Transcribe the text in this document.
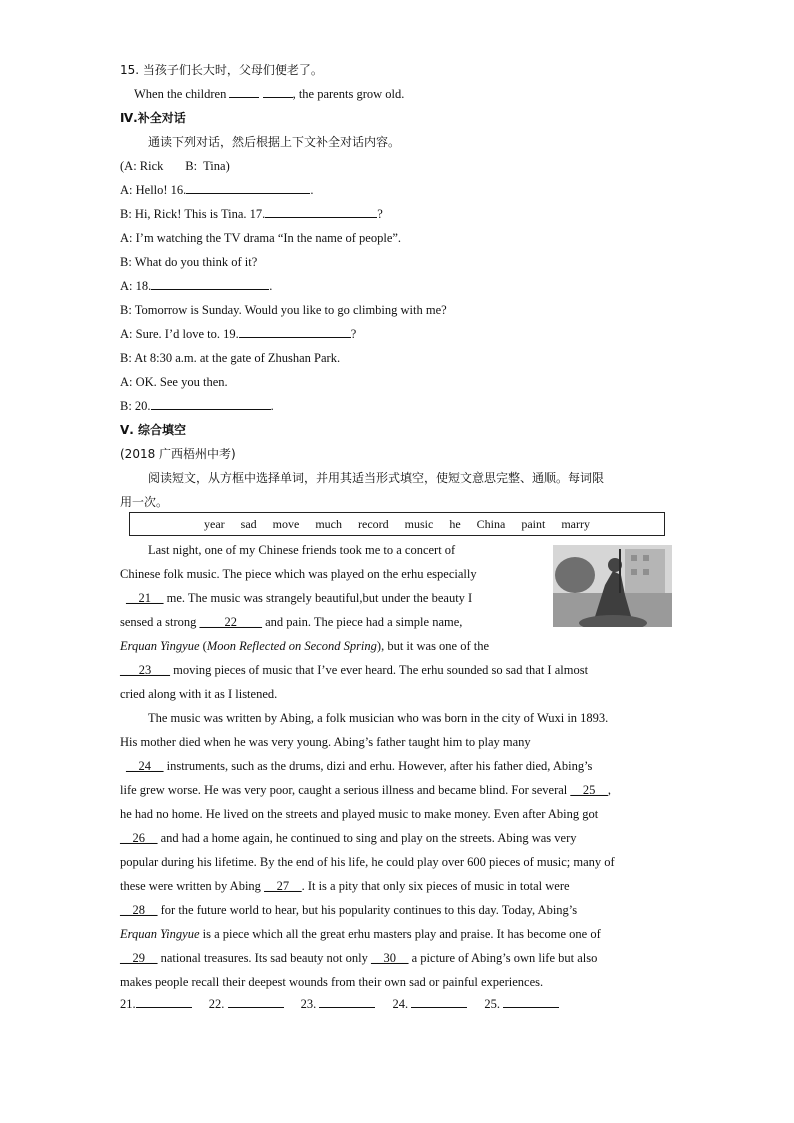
15. 当孩子们长大时，父母们便老了。
When the children	, the parents grow old.
Ⅳ.补全对话
通读下列对话，然后根据上下文补全对话内容。
(A: Rick       B:  Tina)
A: Hello! 16.	.
B: Hi, Rick! This is Tina. 17.	?
A: I’m watching the TV drama “In the name of people”.
B: What do you think of it?
A: 18.	.
B: Tomorrow is Sunday. Would you like to go climbing with me?
A: Sure. I’d love to. 19.	?
B: At 8:30 a.m. at the gate of Zhushan Park.
A: OK. See you then.
B: 20.	.
Ⅴ. 综合填空
(2018 广西梧州中考)
阅读短文，从方框中选择单词，并用其适当形式填空，使短文意思完整、通顺。每词限
用一次。
year sad move much record music he China paint marry
Last night, one of my Chinese friends took me to a concert of
Chinese folk music. The piece which was played on the erhu especially
__21__ me. The music was strangely beautiful,but under the beauty I
sensed a strong ____22____ and pain. The piece had a simple name,
Erquan Yingyue (Moon Reflected on Second Spring), but it was one of the
___23___ moving pieces of music that I’ve ever heard. The erhu sounded so sad that I almost
cried along with it as I listened.
The music was written by Abing, a folk musician who was born in the city of Wuxi in 1893.
His mother died when he was very young. Abing’s father taught him to play many
__24__ instruments, such as the drums, dizi and erhu. However, after his father died, Abing’s
life grew worse. He was very poor, caught a serious illness and became blind. For several __25__,
he had no home. He lived on the streets and played music to make money. Even after Abing got
__26__ and had a home again, he continued to sing and play on the streets. Abing was very
popular during his lifetime. By the end of his life, he could play over 600 pieces of music; many of
these were written by Abing __27__. It is a pity that only six pieces of music in total were
__28__ for the future world to hear, but his popularity continues to this day. Today, Abing’s
Erquan Yingyue is a piece which all the great erhu masters play and praise. It has become one of
__29__ national treasures. Its sad beauty not only __30__ a picture of Abing’s own life but also
makes people recall their deepest wounds from their own sad or painful experiences.
21.	22.	23.	24.	25.
